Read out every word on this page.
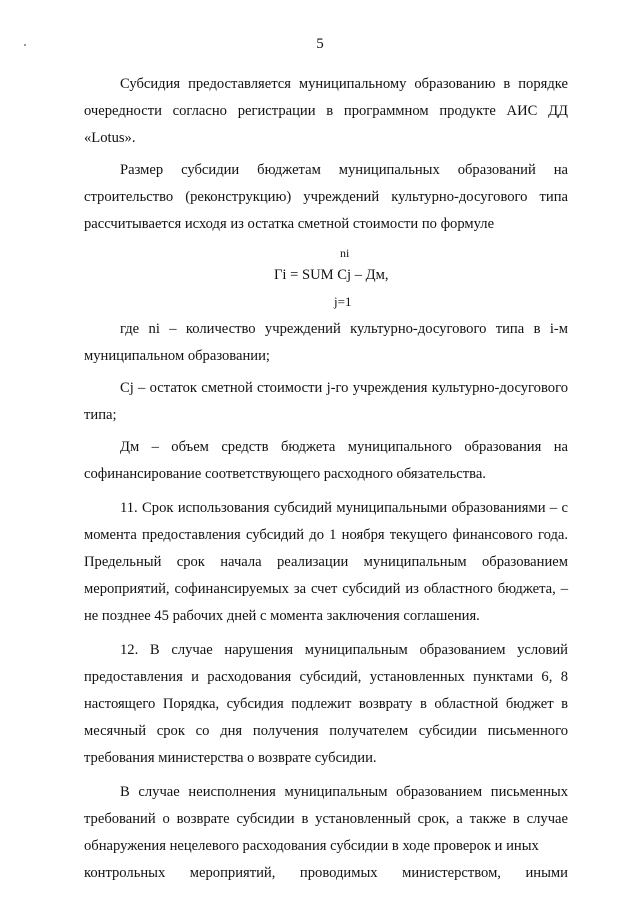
5

Субсидия предоставляется муниципальному образованию в порядке очередности согласно регистрации в программном продукте АИС ДД «Lotus».

Размер субсидии бюджетам муниципальных образований на строительство (реконструкцию) учреждений культурно-досугового типа рассчитывается исходя из остатка сметной стоимости по формуле

ni
Гi = SUM Cj – Дм,
j=1

где ni – количество учреждений культурно-досугового типа в i-м муниципальном образовании;

Cj – остаток сметной стоимости j-го учреждения культурно-досугового типа;

Дм – объем средств бюджета муниципального образования на софинансирование соответствующего расходного обязательства.

11. Срок использования субсидий муниципальными образованиями – с момента предоставления субсидий до 1 ноября текущего финансового года. Предельный срок начала реализации муниципальным образованием мероприятий, софинансируемых за счет субсидий из областного бюджета, – не позднее 45 рабочих дней с момента заключения соглашения.

12. В случае нарушения муниципальным образованием условий предоставления и расходования субсидий, установленных пунктами 6, 8 настоящего Порядка, субсидия подлежит возврату в областной бюджет в месячный срок со дня получения получателем субсидии письменного требования министерства о возврате субсидии.

В случае неисполнения муниципальным образованием письменных требований о возврате субсидии в установленный срок, а также в случае обнаружения нецелевого расходования субсидии в ходе проверок и иных

контрольных мероприятий, проводимых министерством, иными
